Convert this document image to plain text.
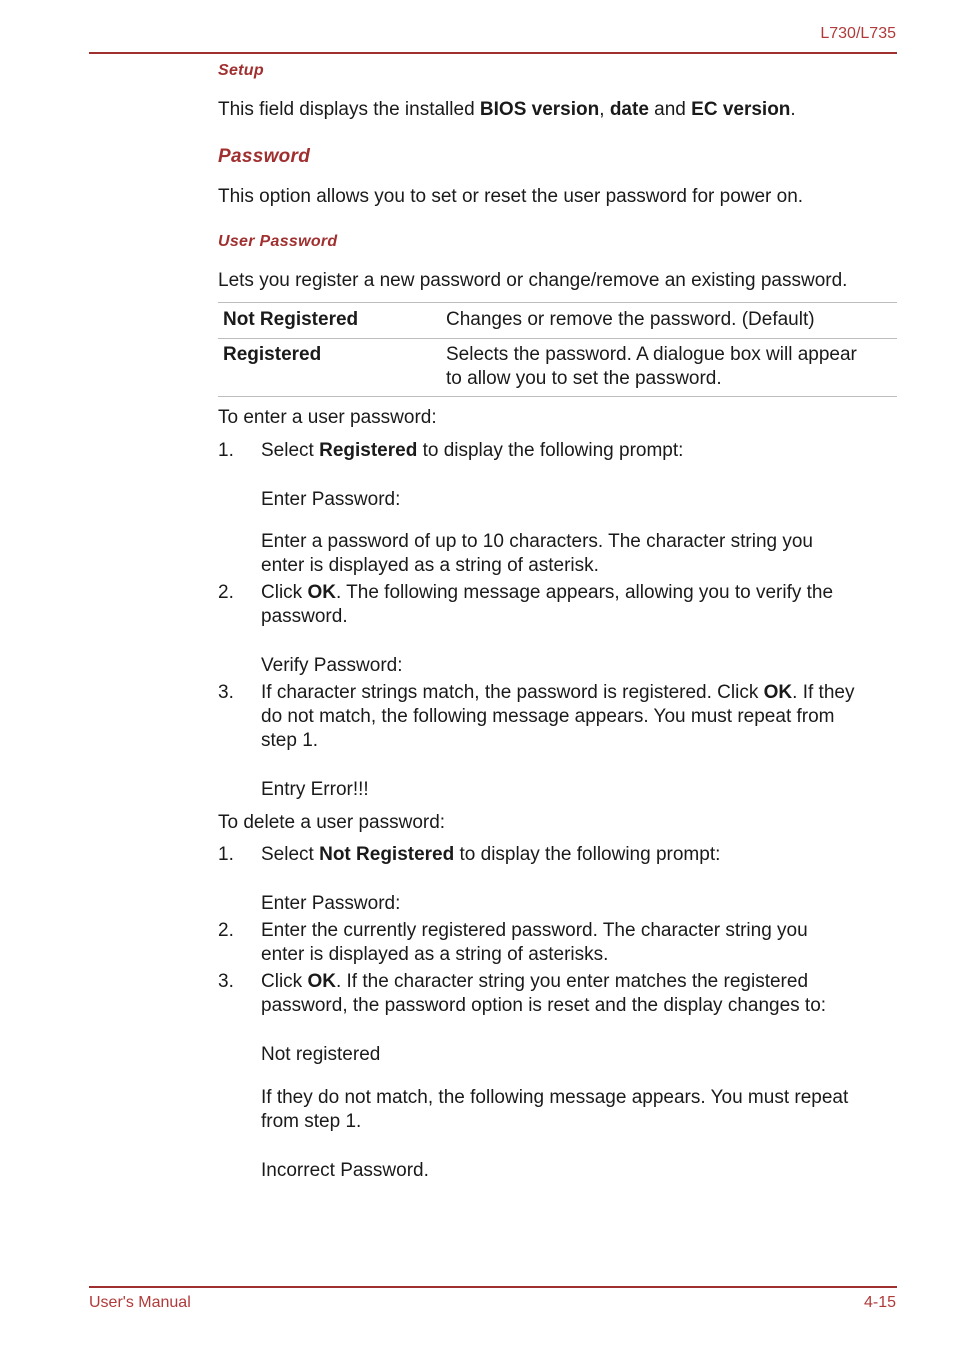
L730/L735
Setup
This field displays the installed BIOS version, date and EC version.
Password
This option allows you to set or reset the user password for power on.
User Password
Lets you register a new password or change/remove an existing password.
Not Registered	Changes or remove the password. (Default)
Registered	Selects the password. A dialogue box will appear
to allow you to set the password.
To enter a user password:
1. Select Registered to display the following prompt:
Enter Password:
Enter a password of up to 10 characters. The character string you
enter is displayed as a string of asterisk.
2. Click OK. The following message appears, allowing you to verify the
password.
Verify Password:
3. If character strings match, the password is registered. Click OK. If they
do not match, the following message appears. You must repeat from
step 1.
Entry Error!!!
To delete a user password:
1. Select Not Registered to display the following prompt:
Enter Password:
2. Enter the currently registered password. The character string you
enter is displayed as a string of asterisks.
3. Click OK. If the character string you enter matches the registered
password, the password option is reset and the display changes to:
Not registered
If they do not match, the following message appears. You must repeat
from step 1.
Incorrect Password.
User's Manual	4-15
